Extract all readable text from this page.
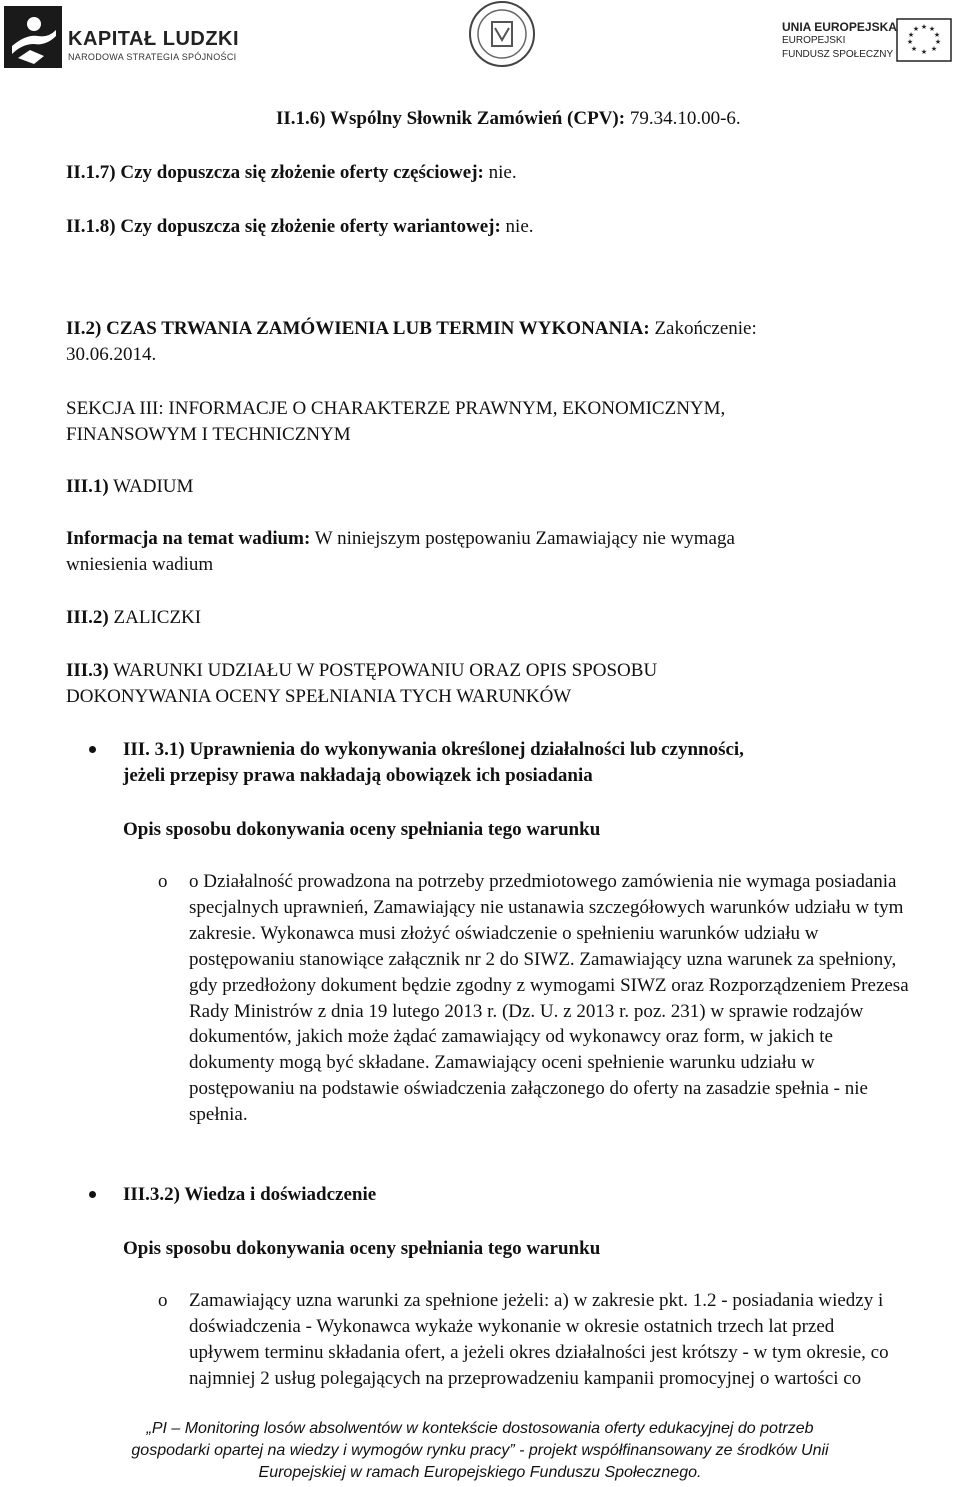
KAPITAŁ LUDZKI
NARODOWA STRATEGIA SPÓJNOŚCI
UNIA EUROPEJSKA
EUROPEJSKI
FUNDUSZ SPOŁECZNY
★ ★
★
★
★
★
★
★
★
★
II.1.6) Wspólny Słownik Zamówień (CPV): 79.34.10.00-6.
II.1.7) Czy dopuszcza się złożenie oferty częściowej: nie.
II.1.8) Czy dopuszcza się złożenie oferty wariantowej: nie.
II.2) CZAS TRWANIA ZAMÓWIENIA LUB TERMIN WYKONANIA: Zakończenie:
30.06.2014.
SEKCJA III: INFORMACJE O CHARAKTERZE PRAWNYM, EKONOMICZNYM,
FINANSOWYM I TECHNICZNYM
III.1) WADIUM
Informacja na temat wadium: W niniejszym postępowaniu Zamawiający nie wymaga
wniesienia wadium
III.2) ZALICZKI
III.3) WARUNKI UDZIAŁU W POSTĘPOWANIU ORAZ OPIS SPOSOBU
DOKONYWANIA OCENY SPEŁNIANIA TYCH WARUNKÓW
III. 3.1) Uprawnienia do wykonywania określonej działalności lub czynności,
jeżeli przepisy prawa nakładają obowiązek ich posiadania
Opis sposobu dokonywania oceny spełniania tego warunku
o o Działalność prowadzona na potrzeby przedmiotowego zamówienia nie wymaga posiadania specjalnych uprawnień, Zamawiający nie ustanawia szczegółowych warunków udziału w tym zakresie. Wykonawca musi złożyć oświadczenie o spełnieniu warunków udziału w postępowaniu stanowiące załącznik nr 2 do SIWZ. Zamawiający uzna warunek za spełniony, gdy przedłożony dokument będzie zgodny z wymogami SIWZ oraz Rozporządzeniem Prezesa Rady Ministrów z dnia 19 lutego 2013 r. (Dz. U. z 2013 r. poz. 231) w sprawie rodzajów dokumentów, jakich może żądać zamawiający od wykonawcy oraz form, w jakich te dokumenty mogą być składane. Zamawiający oceni spełnienie warunku udziału w postępowaniu na podstawie oświadczenia załączonego do oferty na zasadzie spełnia - nie spełnia.
III.3.2) Wiedza i doświadczenie
Opis sposobu dokonywania oceny spełniania tego warunku
o Zamawiający uzna warunki za spełnione jeżeli: a) w zakresie pkt. 1.2 - posiadania wiedzy i doświadczenia - Wykonawca wykaże wykonanie w okresie ostatnich trzech lat przed upływem terminu składania ofert, a jeżeli okres działalności jest krótszy - w tym okresie, co najmniej 2 usług polegających na przeprowadzeniu kampanii promocyjnej o wartości co
„PI – Monitoring losów absolwentów w kontekście dostosowania oferty edukacyjnej do potrzeb
gospodarki opartej na wiedzy i wymogów rynku pracy” - projekt współfinansowany ze środków Unii
Europejskiej w ramach Europejskiego Funduszu Społecznego.
